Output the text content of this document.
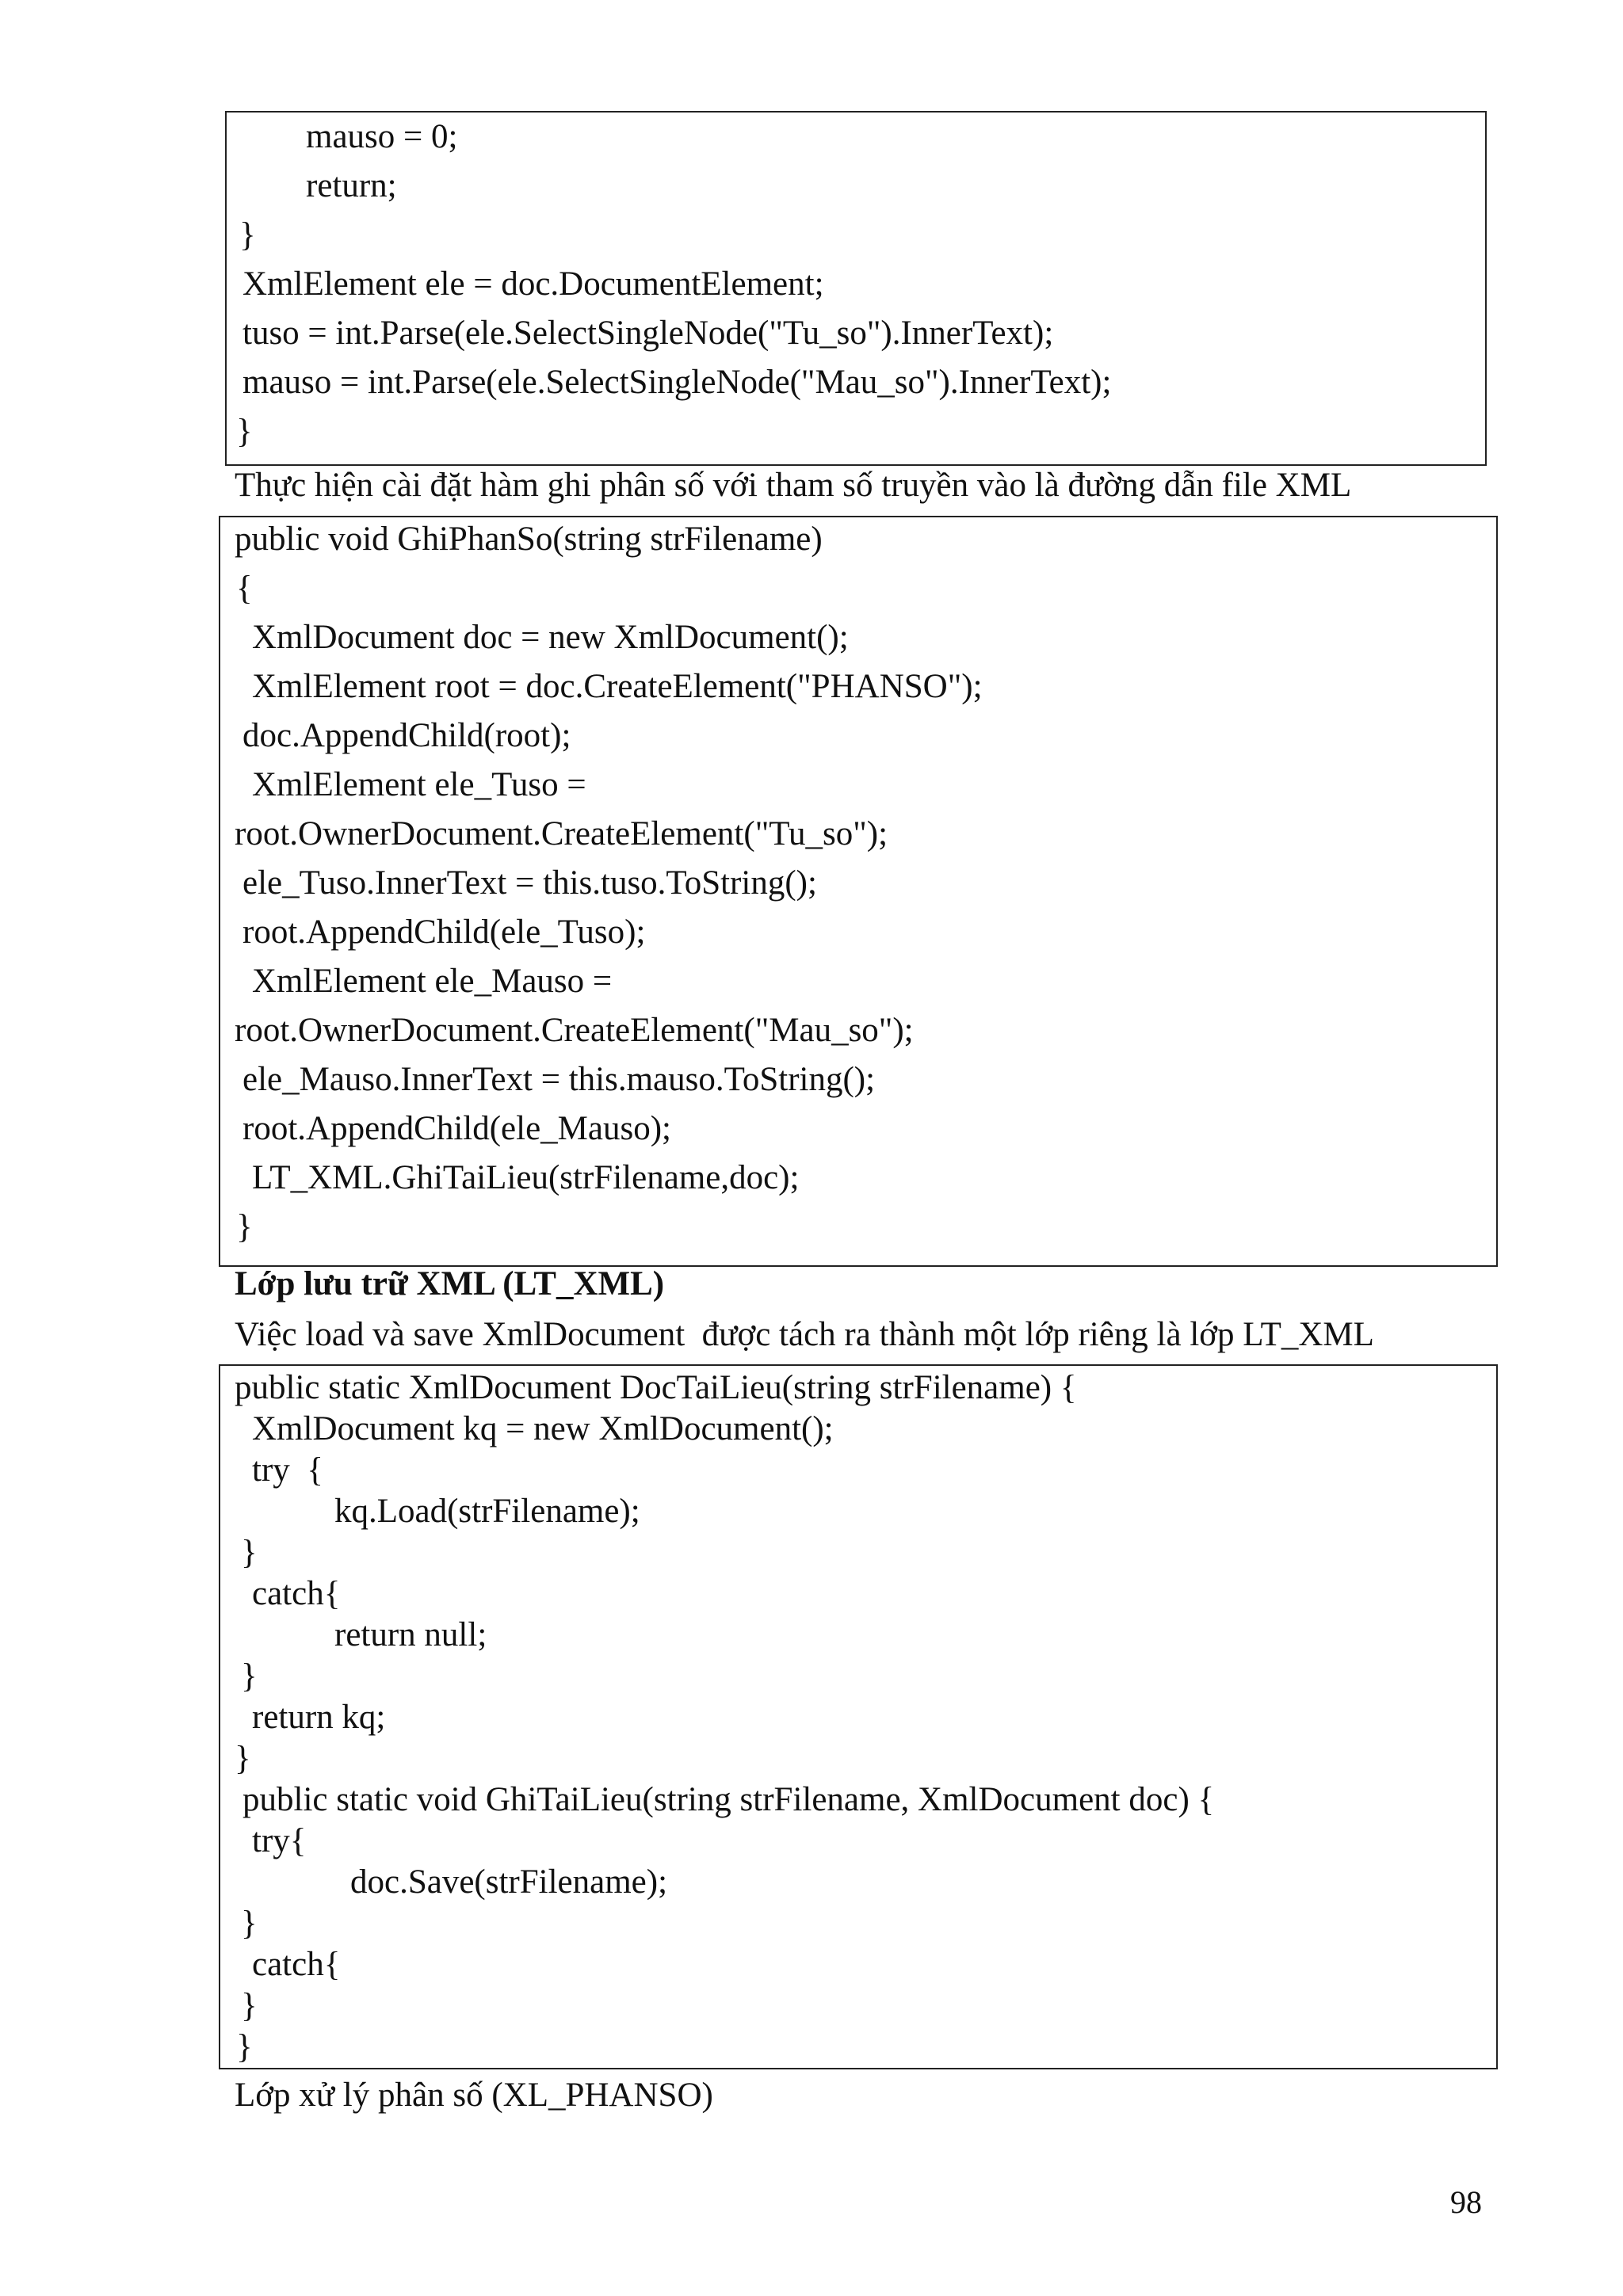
mauso = 0;
return;
}
XmlElement ele = doc.DocumentElement;
tuso = int.Parse(ele.SelectSingleNode("Tu_so").InnerText);
mauso = int.Parse(ele.SelectSingleNode("Mau_so").InnerText);
}
Thực hiện cài đặt hàm ghi phân số với tham số truyền vào là đường dẫn file XML
public void GhiPhanSo(string strFilename)
{
XmlDocument doc = new XmlDocument();
XmlElement root = doc.CreateElement("PHANSO");
doc.AppendChild(root);
XmlElement ele_Tuso =
root.OwnerDocument.CreateElement("Tu_so");
ele_Tuso.InnerText = this.tuso.ToString();
root.AppendChild(ele_Tuso);
XmlElement ele_Mauso =
root.OwnerDocument.CreateElement("Mau_so");
ele_Mauso.InnerText = this.mauso.ToString();
root.AppendChild(ele_Mauso);
LT_XML.GhiTaiLieu(strFilename,doc);
}
Lớp lưu trữ XML (LT_XML)
Việc load và save XmlDocument  được tách ra thành một lớp riêng là lớp LT_XML
public static XmlDocument DocTaiLieu(string strFilename) {
XmlDocument kq = new XmlDocument();
try  {
kq.Load(strFilename);
}
catch{
return null;
}
return kq;
}
public static void GhiTaiLieu(string strFilename, XmlDocument doc) {
try{
doc.Save(strFilename);
}
catch{
}
}
Lớp xử lý phân số (XL_PHANSO)
98
